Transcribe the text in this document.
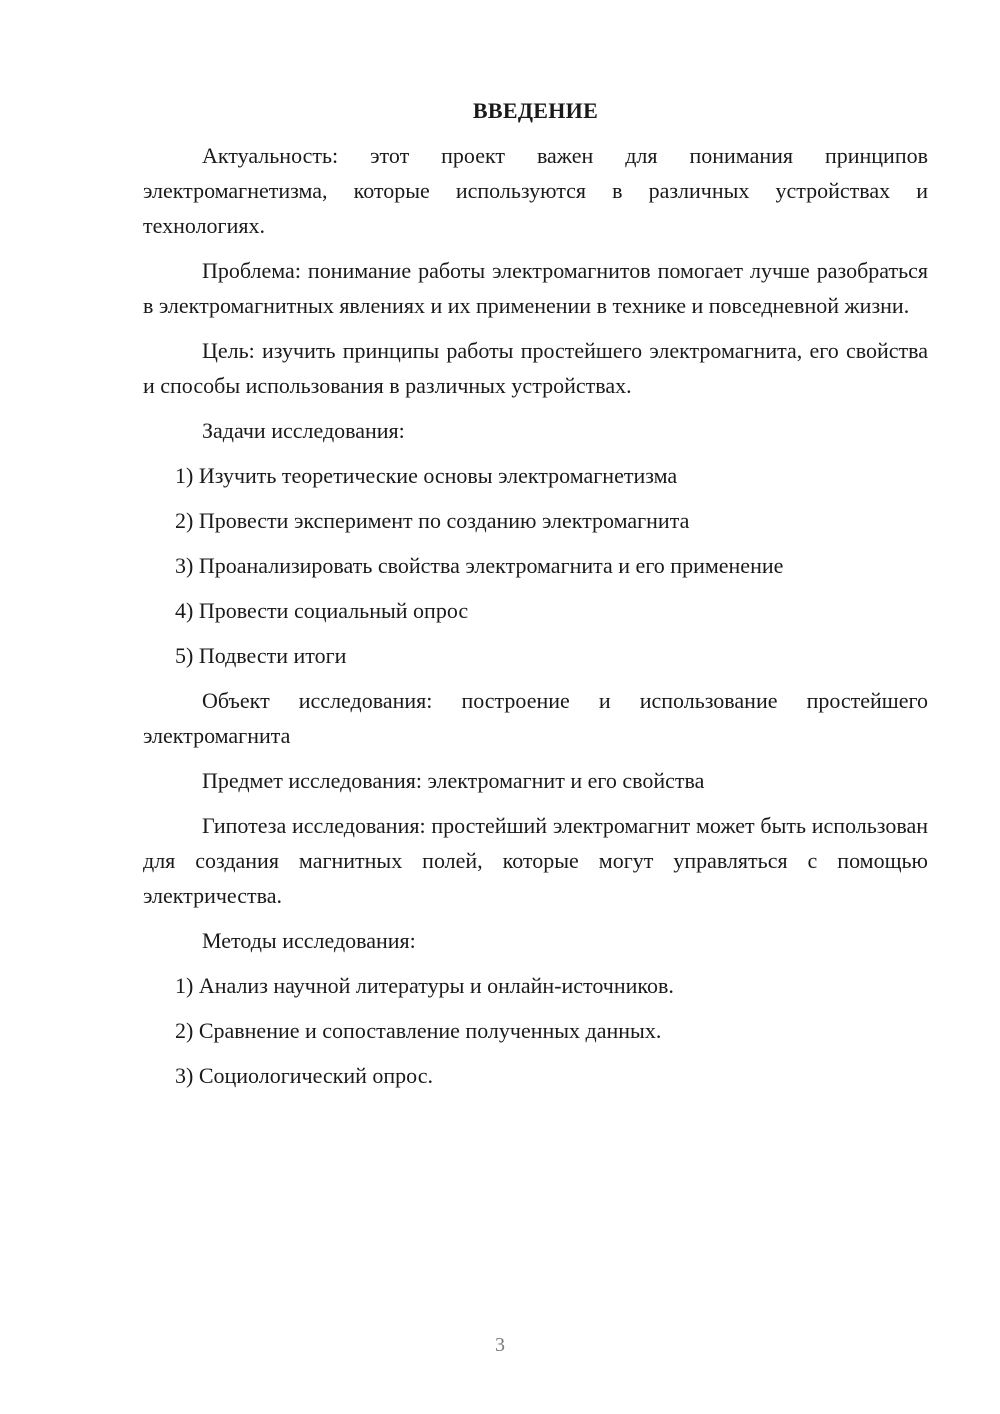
ВВЕДЕНИЕ

Актуальность: этот проект важен для понимания принципов электромагнетизма, которые используются в различных устройствах и технологиях.

Проблема: понимание работы электромагнитов помогает лучше разобраться в электромагнитных явлениях и их применении в технике и повседневной жизни.

Цель: изучить принципы работы простейшего электромагнита, его свойства и способы использования в различных устройствах.

Задачи исследования:

1) Изучить теоретические основы электромагнетизма

2) Провести эксперимент по созданию электромагнита

3) Проанализировать свойства электромагнита и его применение

4) Провести социальный опрос

5) Подвести итоги

Объект исследования: построение и использование простейшего электромагнита

Предмет исследования: электромагнит и его свойства

Гипотеза исследования: простейший электромагнит может быть использован для создания магнитных полей, которые могут управляться с помощью электричества.

Методы исследования:

1) Анализ научной литературы и онлайн-источников.

2) Сравнение и сопоставление полученных данных.

3) Социологический опрос.

3
